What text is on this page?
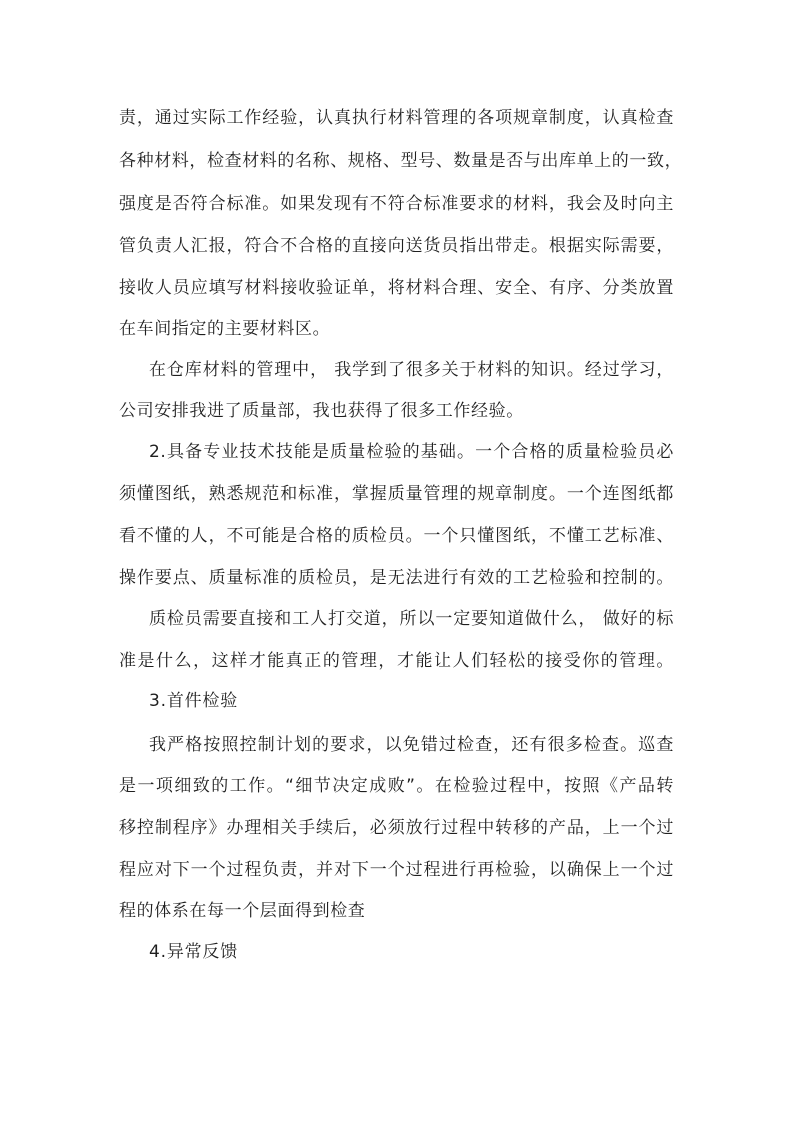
责，通过实际工作经验，认真执行材料管理的各项规章制度，认真检查
各种材料，检查材料的名称、规格、型号、数量是否与出库单上的一致，
强度是否符合标准。如果发现有不符合标准要求的材料，我会及时向主
管负责人汇报，符合不合格的直接向送货员指出带走。根据实际需要，
接收人员应填写材料接收验证单，将材料合理、安全、有序、分类放置
在车间指定的主要材料区。
在仓库材料的管理中， 我学到了很多关于材料的知识。经过学习，
公司安排我进了质量部，我也获得了很多工作经验。
2.具备专业技术技能是质量检验的基础。一个合格的质量检验员必
须懂图纸，熟悉规范和标准，掌握质量管理的规章制度。一个连图纸都
看不懂的人，不可能是合格的质检员。一个只懂图纸，不懂工艺标准、
操作要点、质量标准的质检员，是无法进行有效的工艺检验和控制的。
质检员需要直接和工人打交道，所以一定要知道做什么， 做好的标
准是什么，这样才能真正的管理，才能让人们轻松的接受你的管理。
3.首件检验
我严格按照控制计划的要求，以免错过检查，还有很多检查。巡查
是一项细致的工作。“细节决定成败”。在检验过程中，按照《产品转
移控制程序》办理相关手续后，必须放行过程中转移的产品，上一个过
程应对下一个过程负责，并对下一个过程进行再检验，以确保上一个过
程的体系在每一个层面得到检查
4.异常反馈
